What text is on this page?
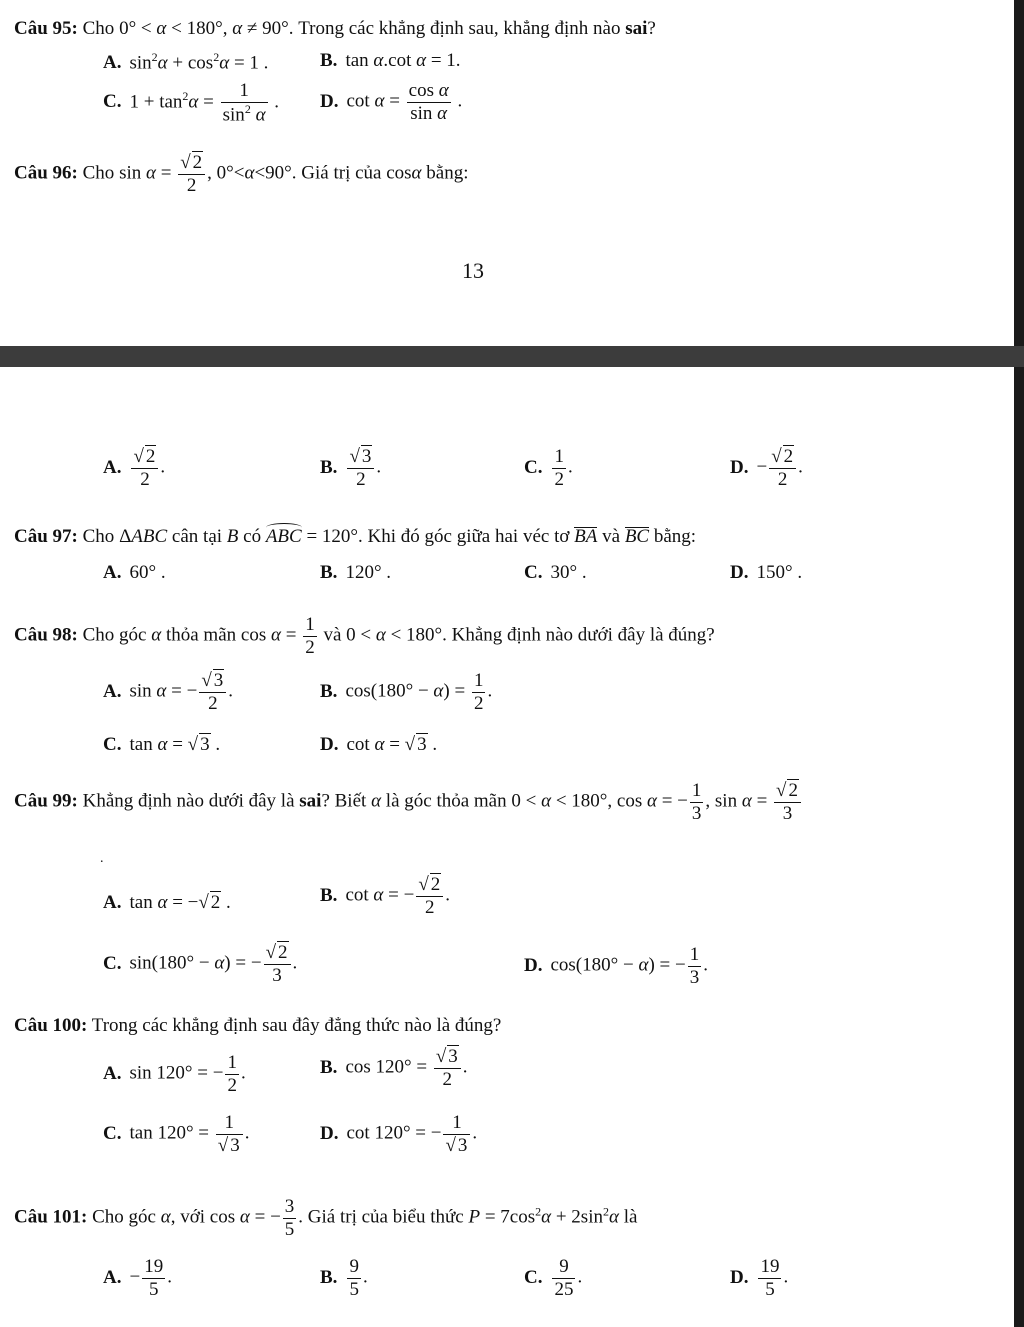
Câu 95: Cho 0° < α < 180°, α ≠ 90°. Trong các khẳng định sau, khẳng định nào sai?
A. $\sin^2\alpha + \cos^2\alpha = 1$ .	B. tan α.cot α = 1.
C. $1 + \tan^2\alpha = \frac{1}{\sin^2 \alpha}$ . D. $\cot \alpha = \frac{\text{cos α}}{\text{sin α}}$ .
Câu 96: Cho $\sin \alpha = \frac{√ 2}{2}$ , 0°<α<90°. Giá trị của cosα bằng:
13
A. $\frac{√ 2}{2}$ .	B. $\frac{√ 3}{2}$ .	C. $\frac{1}{2}$ .	D. − $\frac{√ 2}{2}$ .
Câu 97: Cho ΔABC cân tại B có ABC = 120°. Khi đó góc giữa hai véc tơ BA và BC bằng:
A. 60° .	B. 120° .	C. 30° .	D. 150° .
Câu 98: Cho góc α thỏa mãn $\cos \alpha = \frac{1}{2}$ và 0 < α < 180°. Khẳng định nào dưới đây là đúng?
A. sin α = − $\frac{√ 3}{2}$ .	B. $\cos(180^\circ - \alpha) = \frac{1}{2}$ .
C. tan α = √ 3 .	D. cot α = √ 3 .
Câu 99: Khẳng định nào dưới đây là sai? Biết α là góc thỏa mãn 0 < α < 180°, cos α = − $\frac{1}{3}$ , $\sin \alpha = \frac{√ 2}{3}$
.
A. tan α = −√ 2 .	B. cot α = − $\frac{√ 2}{2}$ .
C. sin(180° − α) = − $\frac{√ 2}{3}$ .	D. cos(180° − α) = − $\frac{1}{3}$ .
Câu 100: Trong các khẳng định sau đây đẳng thức nào là đúng?
A. sin 120° = − $\frac{1}{2}$ .	B. $\cos 120^\circ = \frac{√ 3}{2}$ .
C. $\tan 120^\circ = \frac{1}{√ 3}$ .	D. cot 120° = − $\frac{1}{√ 3}$ .
Câu 101: Cho góc α, với cos α = − $\frac{3}{5}$ . Giá trị của biểu thức $P = 7\cos^2\alpha + 2\sin^2\alpha$ là
A. − $\frac{19}{5}$ .	B. $\frac{9}{5}$ .	C. $\frac{9}{25}$ .	D. $\frac{19}{5}$ .
